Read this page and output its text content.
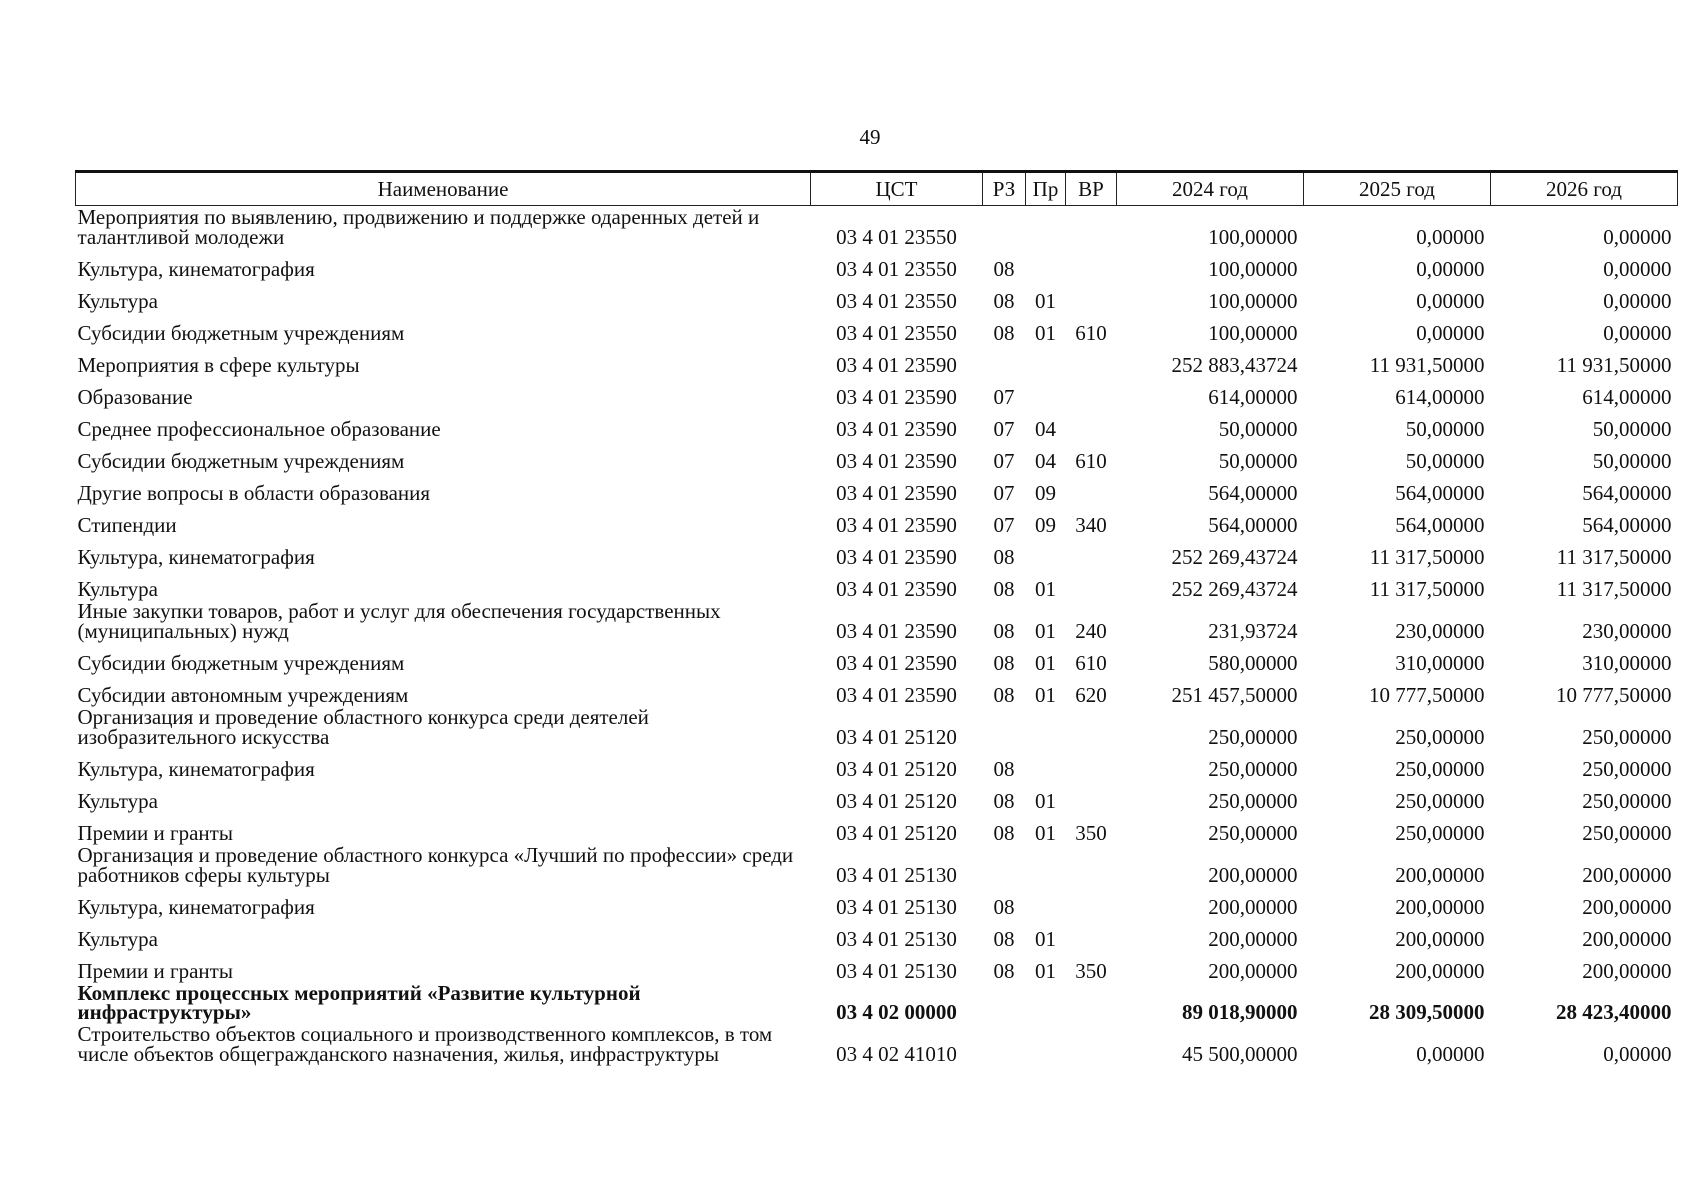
49
Наименование	ЦСТ	РЗ	Пр	ВР	2024 год	2025 год	2026 год
Мероприятия по выявлению, продвижению и поддержке одаренных детей и талантливой молодежи	03 4 01 23550				100,00000	0,00000	0,00000
Культура, кинематография	03 4 01 23550	08			100,00000	0,00000	0,00000
Культура	03 4 01 23550	08	01		100,00000	0,00000	0,00000
Субсидии бюджетным учреждениям	03 4 01 23550	08	01	610	100,00000	0,00000	0,00000
Мероприятия в сфере культуры	03 4 01 23590				252 883,43724	11 931,50000	11 931,50000
Образование	03 4 01 23590	07			614,00000	614,00000	614,00000
Среднее профессиональное образование	03 4 01 23590	07	04		50,00000	50,00000	50,00000
Субсидии бюджетным учреждениям	03 4 01 23590	07	04	610	50,00000	50,00000	50,00000
Другие вопросы в области образования	03 4 01 23590	07	09		564,00000	564,00000	564,00000
Стипендии	03 4 01 23590	07	09	340	564,00000	564,00000	564,00000
Культура, кинематография	03 4 01 23590	08			252 269,43724	11 317,50000	11 317,50000
Культура	03 4 01 23590	08	01		252 269,43724	11 317,50000	11 317,50000
Иные закупки товаров, работ и услуг для обеспечения государственных (муниципальных) нужд	03 4 01 23590	08	01	240	231,93724	230,00000	230,00000
Субсидии бюджетным учреждениям	03 4 01 23590	08	01	610	580,00000	310,00000	310,00000
Субсидии автономным учреждениям	03 4 01 23590	08	01	620	251 457,50000	10 777,50000	10 777,50000
Организация и проведение областного конкурса среди деятелей изобразительного искусства	03 4 01 25120				250,00000	250,00000	250,00000
Культура, кинематография	03 4 01 25120	08			250,00000	250,00000	250,00000
Культура	03 4 01 25120	08	01		250,00000	250,00000	250,00000
Премии и гранты	03 4 01 25120	08	01	350	250,00000	250,00000	250,00000
Организация и проведение областного конкурса «Лучший по профессии» среди работников сферы культуры	03 4 01 25130				200,00000	200,00000	200,00000
Культура, кинематография	03 4 01 25130	08			200,00000	200,00000	200,00000
Культура	03 4 01 25130	08	01		200,00000	200,00000	200,00000
Премии и гранты	03 4 01 25130	08	01	350	200,00000	200,00000	200,00000
Комплекс процессных мероприятий «Развитие культурной инфраструктуры»	03 4 02 00000				89 018,90000	28 309,50000	28 423,40000
Строительство объектов социального и производственного комплексов, в том числе объектов общегражданского назначения, жилья, инфраструктуры	03 4 02 41010				45 500,00000	0,00000	0,00000
